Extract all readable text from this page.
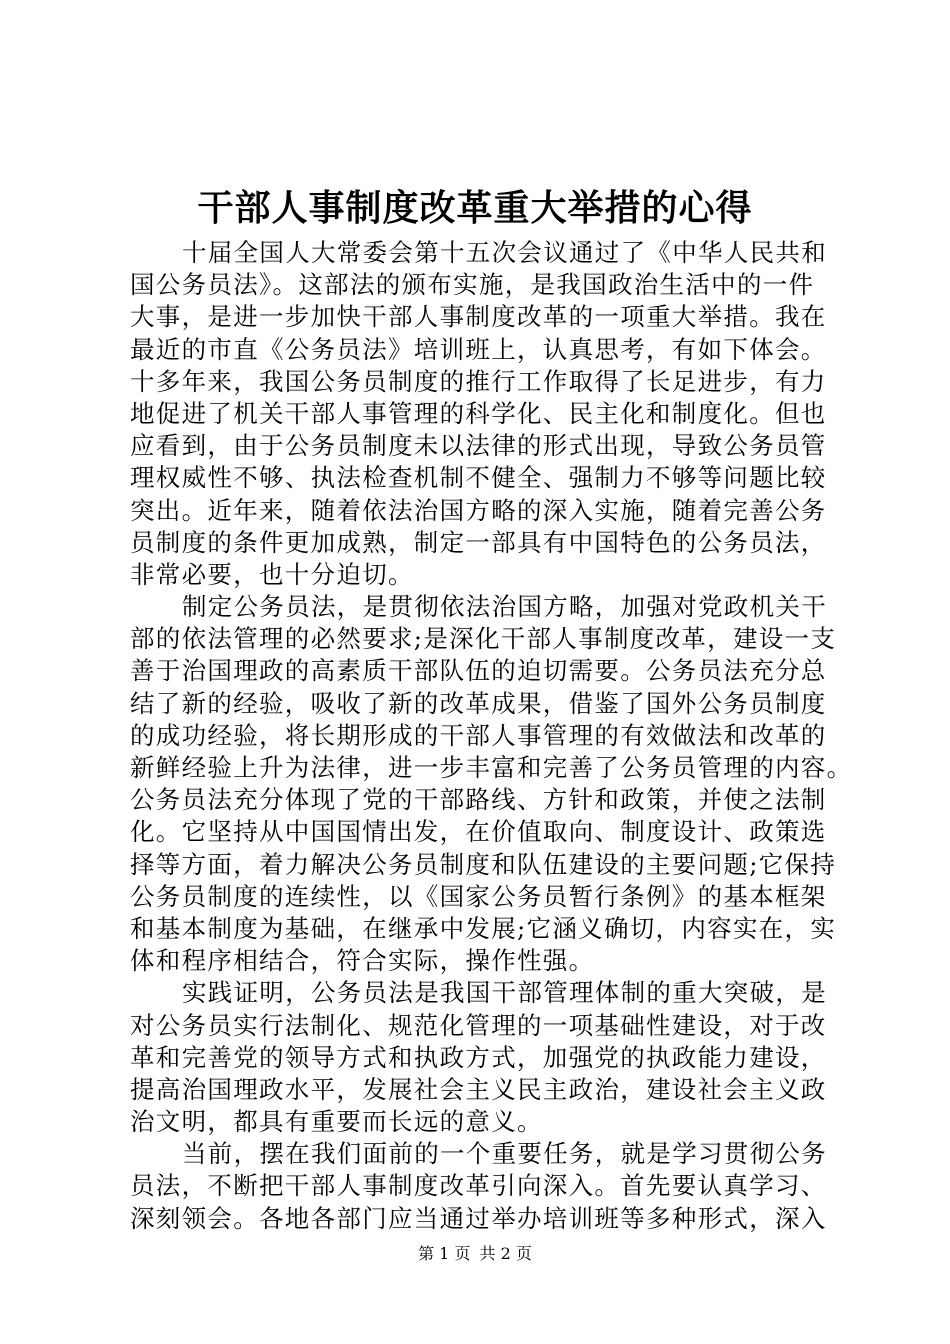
干部人事制度改革重大举措的心得
十届全国人大常委会第十五次会议通过了《中华人民共和
国公务员法》。这部法的颁布实施，是我国政治生活中的一件
大事，是进一步加快干部人事制度改革的一项重大举措。我在
最近的市直《公务员法》培训班上，认真思考，有如下体会。
十多年来，我国公务员制度的推行工作取得了长足进步，有力
地促进了机关干部人事管理的科学化、民主化和制度化。但也
应看到，由于公务员制度未以法律的形式出现，导致公务员管
理权威性不够、执法检查机制不健全、强制力不够等问题比较
突出。近年来，随着依法治国方略的深入实施，随着完善公务
员制度的条件更加成熟，制定一部具有中国特色的公务员法，
非常必要，也十分迫切。
制定公务员法，是贯彻依法治国方略，加强对党政机关干
部的依法管理的必然要求;是深化干部人事制度改革，建设一支
善于治国理政的高素质干部队伍的迫切需要。公务员法充分总
结了新的经验，吸收了新的改革成果，借鉴了国外公务员制度
的成功经验，将长期形成的干部人事管理的有效做法和改革的
新鲜经验上升为法律，进一步丰富和完善了公务员管理的内容。
公务员法充分体现了党的干部路线、方针和政策，并使之法制
化。它坚持从中国国情出发，在价值取向、制度设计、政策选
择等方面，着力解决公务员制度和队伍建设的主要问题;它保持
公务员制度的连续性，以《国家公务员暂行条例》的基本框架
和基本制度为基础，在继承中发展;它涵义确切，内容实在，实
体和程序相结合，符合实际，操作性强。
实践证明，公务员法是我国干部管理体制的重大突破，是
对公务员实行法制化、规范化管理的一项基础性建设，对于改
革和完善党的领导方式和执政方式，加强党的执政能力建设，
提高治国理政水平，发展社会主义民主政治，建设社会主义政
治文明，都具有重要而长远的意义。
当前，摆在我们面前的一个重要任务，就是学习贯彻公务
员法，不断把干部人事制度改革引向深入。首先要认真学习、
深刻领会。各地各部门应当通过举办培训班等多种形式，深入
第 1 页 共 2 页
